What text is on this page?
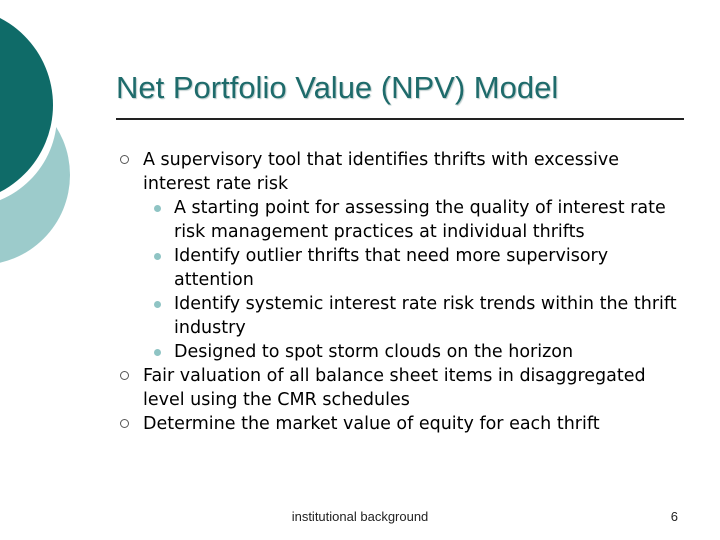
Net Portfolio Value (NPV) Model
A supervisory tool that identifies thrifts with excessive interest rate risk
A starting point for assessing the quality of interest rate risk management practices at individual thrifts
Identify outlier thrifts that need more supervisory attention
Identify systemic interest rate risk trends within the thrift industry
Designed to spot storm clouds on the horizon
Fair valuation of all balance sheet items in disaggregated level using the CMR schedules
Determine the market value of equity for each thrift
institutional background	6
